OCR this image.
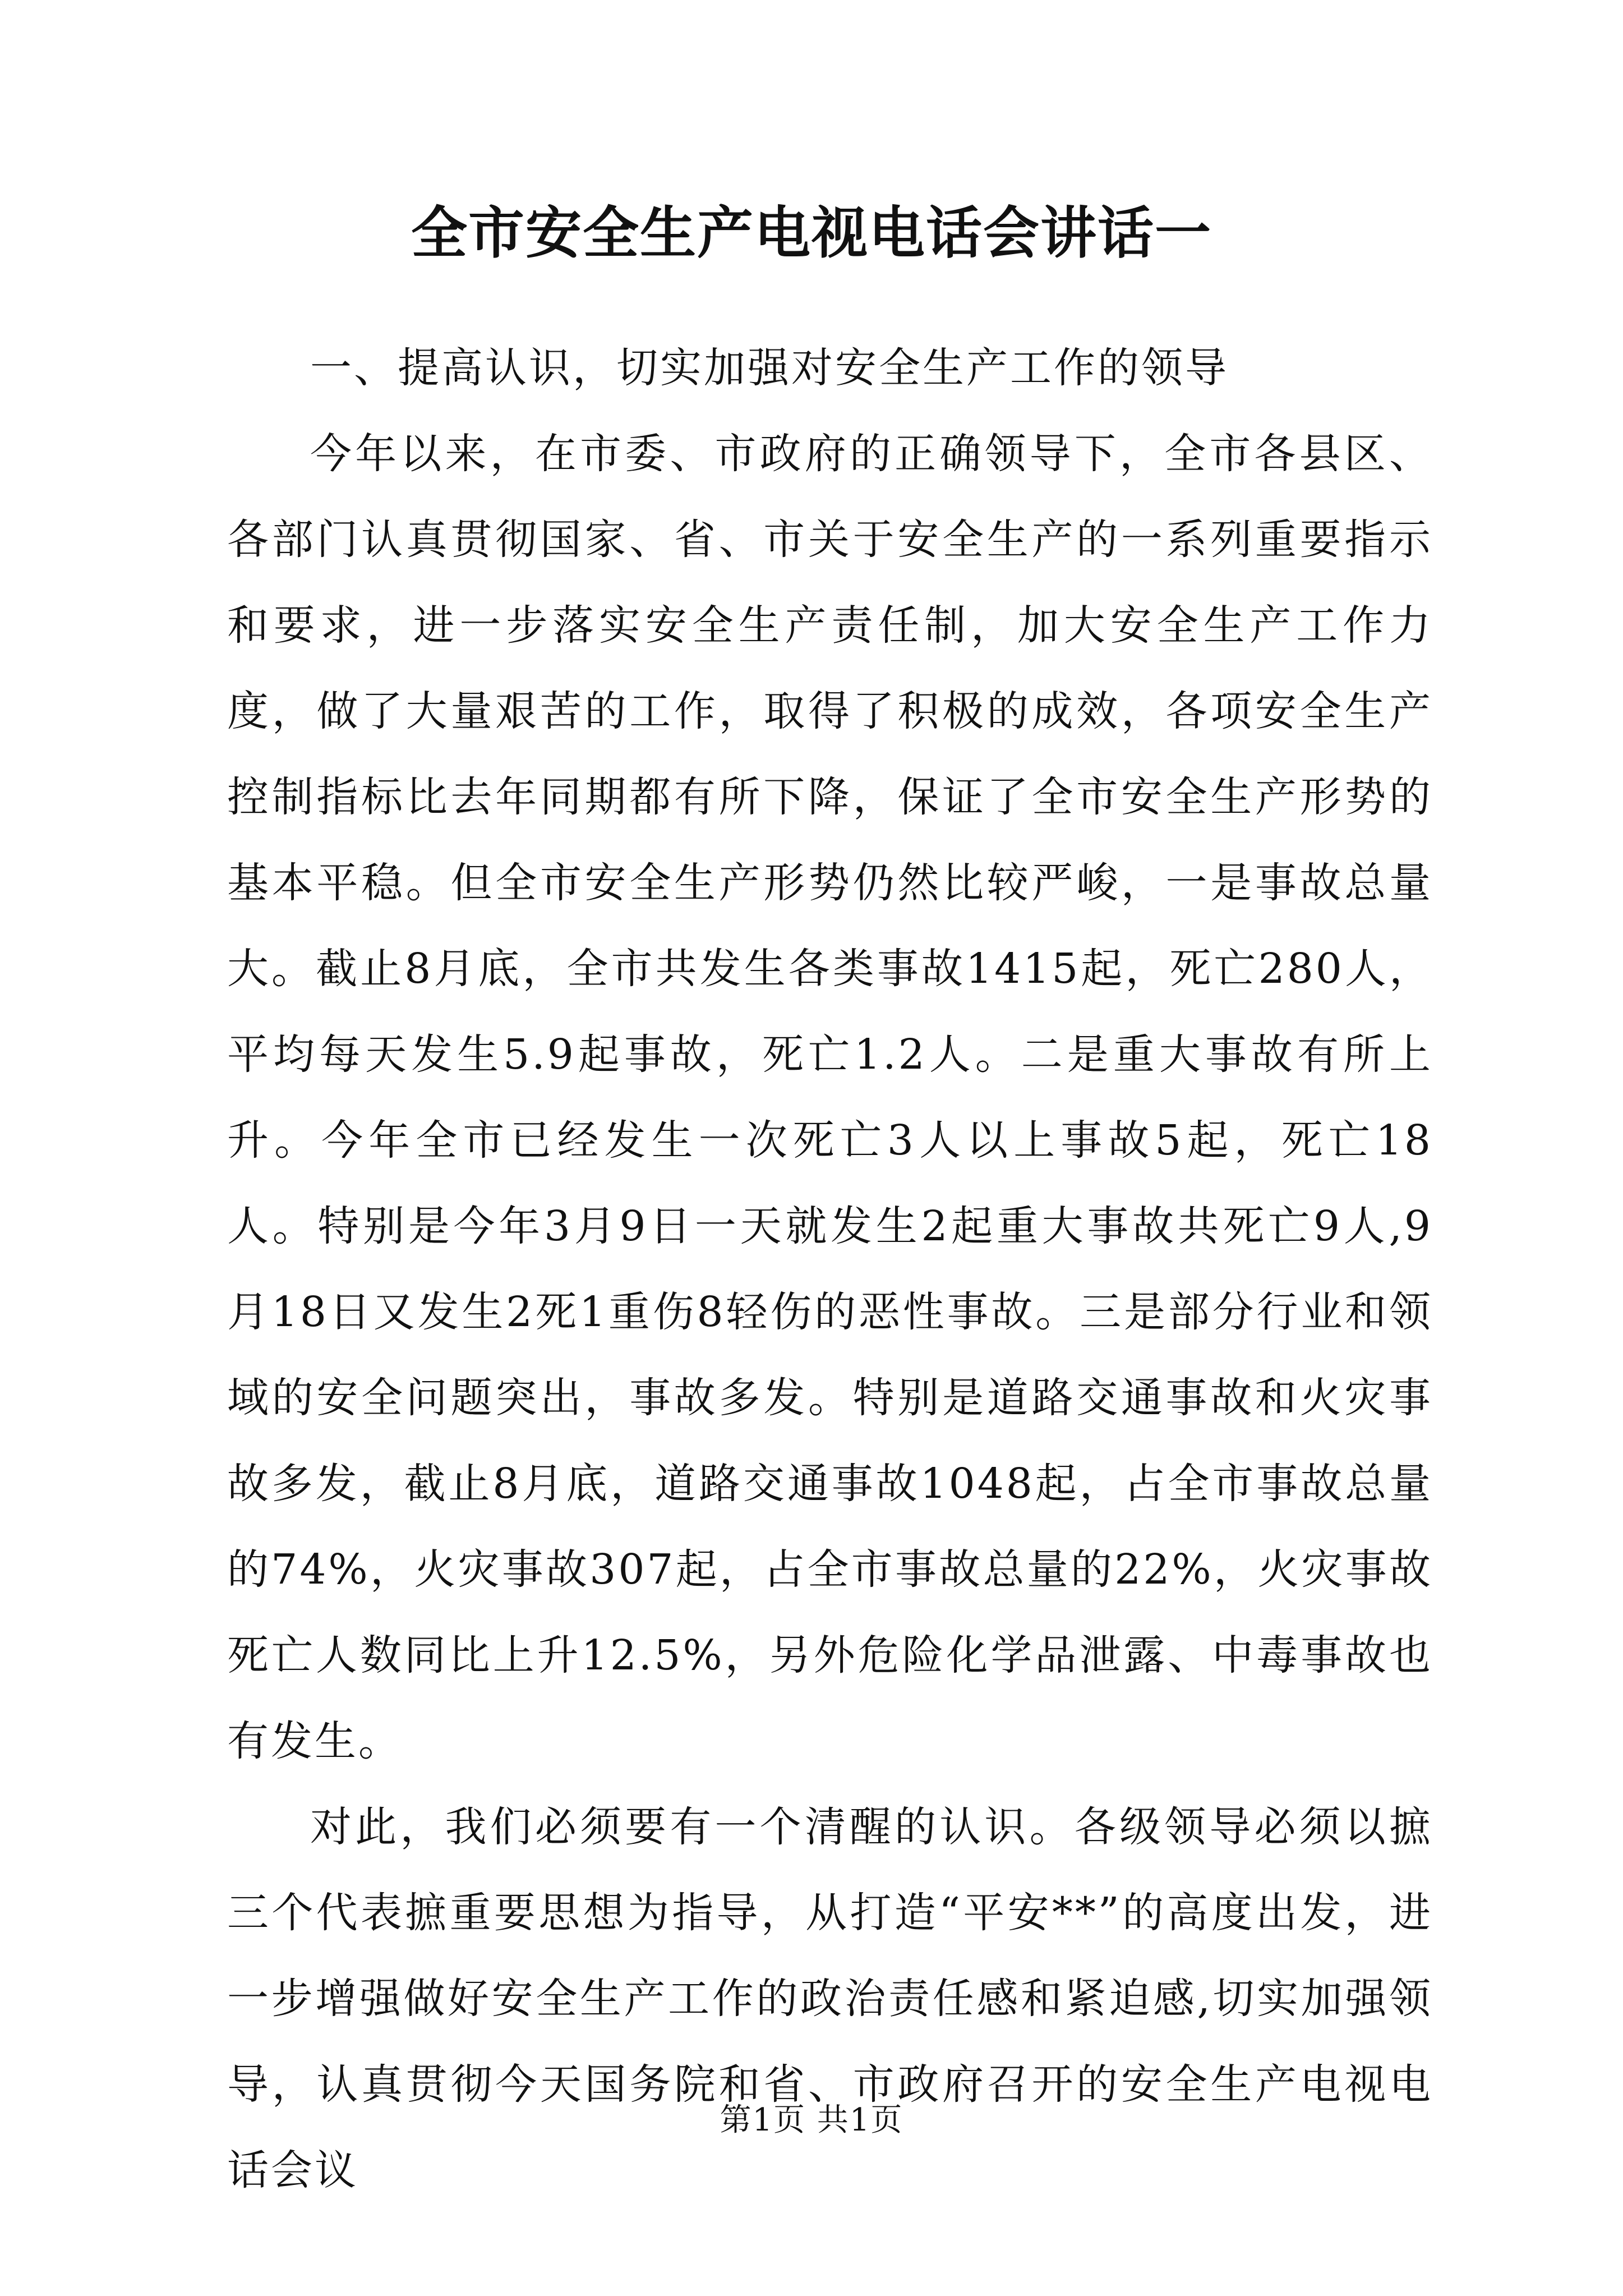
全市安全生产电视电话会讲话一

一、提高认识，切实加强对安全生产工作的领导

今年以来，在市委、市政府的正确领导下，全市各县区、各部门认真贯彻国家、省、市关于安全生产的一系列重要指示和要求，进一步落实安全生产责任制，加大安全生产工作力度，做了大量艰苦的工作，取得了积极的成效，各项安全生产控制指标比去年同期都有所下降，保证了全市安全生产形势的基本平稳。但全市安全生产形势仍然比较严峻，一是事故总量大。截止8月底，全市共发生各类事故1415起，死亡280人，平均每天发生5.9起事故，死亡1.2人。二是重大事故有所上升。今年全市已经发生一次死亡3人以上事故5起，死亡18人。特别是今年3月9日一天就发生2起重大事故共死亡9人,9月18日又发生2死1重伤8轻伤的恶性事故。三是部分行业和领域的安全问题突出，事故多发。特别是道路交通事故和火灾事故多发，截止8月底，道路交通事故1048起，占全市事故总量的74%，火灾事故307起，占全市事故总量的22%，火灾事故死亡人数同比上升12.5%，另外危险化学品泄露、中毒事故也有发生。

对此，我们必须要有一个清醒的认识。各级领导必须以摭三个代表摭重要思想为指导，从打造“平安**”的高度出发，进一步增强做好安全生产工作的政治责任感和紧迫感,切实加强领导，认真贯彻今天国务院和省、市政府召开的安全生产电视电话会议

第1页 共1页
